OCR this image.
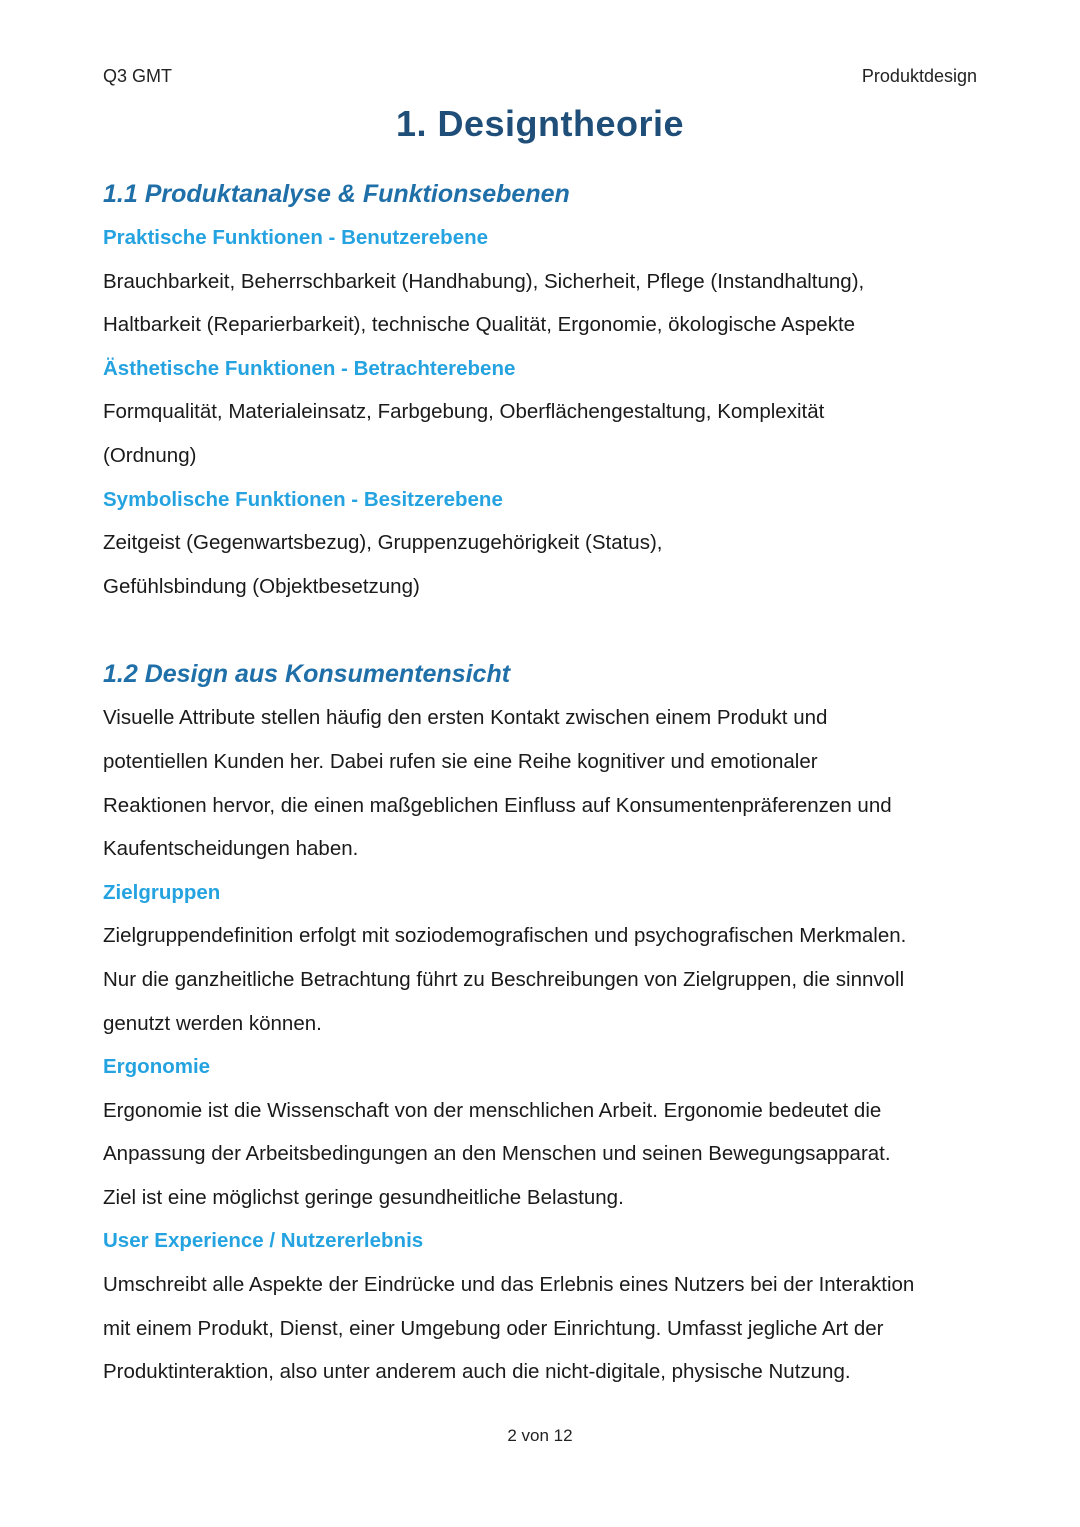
Q3 GMT	Produktdesign
1. Designtheorie
1.1 Produktanalyse & Funktionsebenen
Praktische Funktionen - Benutzerebene
Brauchbarkeit, Beherrschbarkeit (Handhabung), Sicherheit, Pflege (Instandhaltung),
Haltbarkeit (Reparierbarkeit), technische Qualität, Ergonomie, ökologische Aspekte
Ästhetische Funktionen - Betrachterebene
Formqualität, Materialeinsatz, Farbgebung, Oberflächengestaltung, Komplexität
(Ordnung)
Symbolische Funktionen - Besitzerebene
Zeitgeist (Gegenwartsbezug), Gruppenzugehörigkeit (Status),
Gefühlsbindung (Objektbesetzung)
1.2 Design aus Konsumentensicht
Visuelle Attribute stellen häufig den ersten Kontakt zwischen einem Produkt und
potentiellen Kunden her. Dabei rufen sie eine Reihe kognitiver und emotionaler
Reaktionen hervor, die einen maßgeblichen Einfluss auf Konsumentenpräferenzen und
Kaufentscheidungen haben.
Zielgruppen
Zielgruppendefinition erfolgt mit soziodemografischen und psychografischen Merkmalen.
Nur die ganzheitliche Betrachtung führt zu Beschreibungen von Zielgruppen, die sinnvoll
genutzt werden können.
Ergonomie
Ergonomie ist die Wissenschaft von der menschlichen Arbeit. Ergonomie bedeutet die
Anpassung der Arbeitsbedingungen an den Menschen und seinen Bewegungsapparat.
Ziel ist eine möglichst geringe gesundheitliche Belastung.
User Experience / Nutzererlebnis
Umschreibt alle Aspekte der Eindrücke und das Erlebnis eines Nutzers bei der Interaktion
mit einem Produkt, Dienst, einer Umgebung oder Einrichtung. Umfasst jegliche Art der
Produktinteraktion, also unter anderem auch die nicht-digitale, physische Nutzung.
2 von 12
